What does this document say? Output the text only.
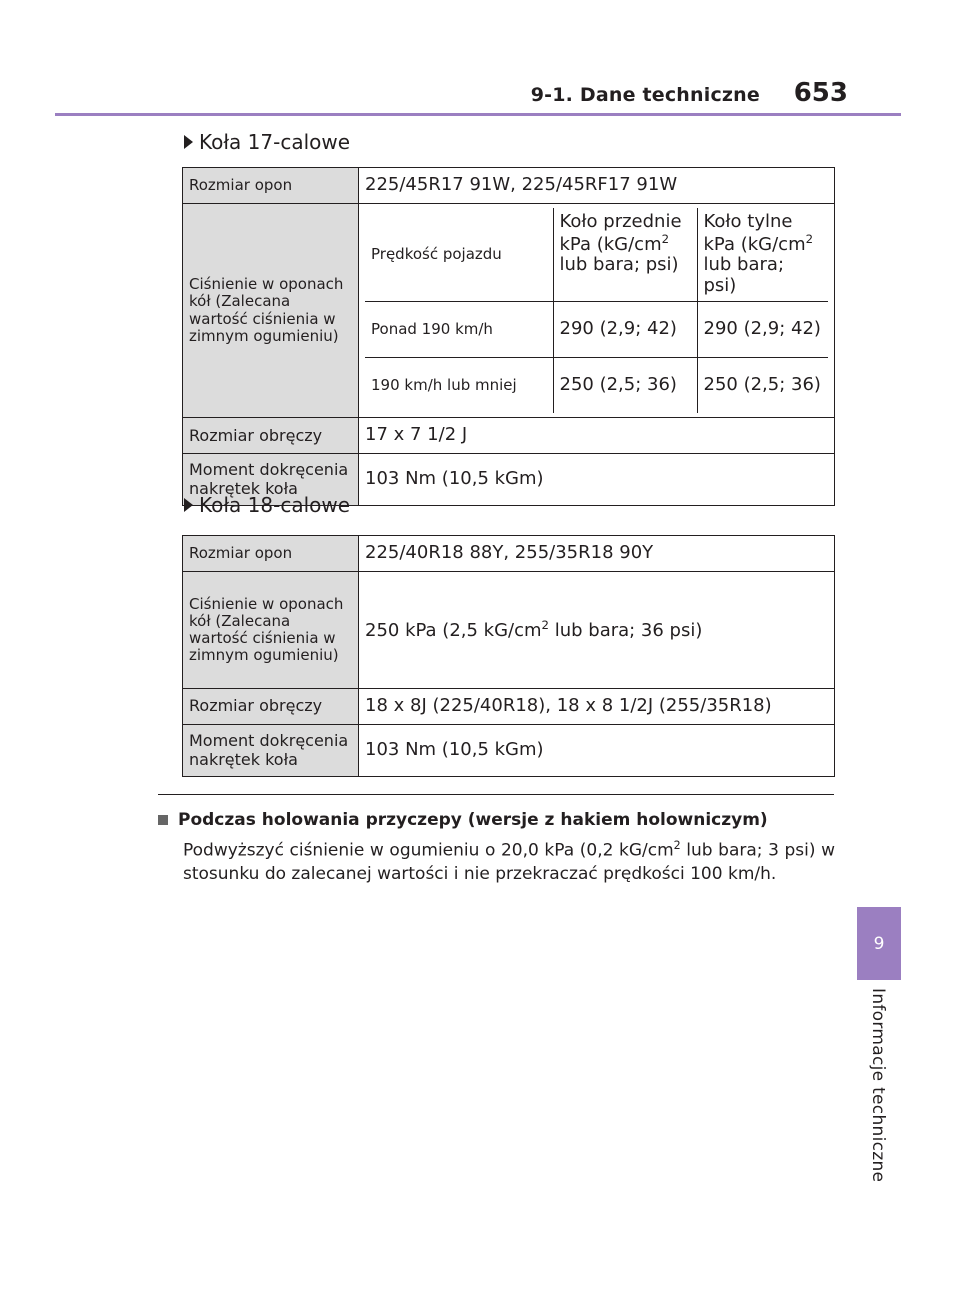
9-1. Dane techniczne 653
9
Informacje techniczne
Koła 17-calowe
Rozmiar opon	225/45R17 91W, 225/45RF17 91W
Ciśnienie w oponach kół (Zalecana wartość ciśnienia w zimnym ogumieniu)	
Prędkość pojazdu	Koło przednie kPa ($kG/cm^2$ lub bara; psi)	Koło tylne kPa ($kG/cm^2$ lub bara; psi)
Ponad 190 km/h	290 (2,9; 42)	290 (2,9; 42)
190 km/h lub mniej	250 (2,5; 36)	250 (2,5; 36)

Rozmiar obręczy	17 x 7 1/2 J
Moment dokręcenia nakrętek koła	103 Nm (10,5 kGm)
Koła 18-calowe
Rozmiar opon	225/40R18 88Y, 255/35R18 90Y
Ciśnienie w oponach kół (Zalecana wartość ciśnienia w zimnym ogumieniu)	250 kPa (2,5 $kG/cm^2$ lub bara; 36 psi)
Rozmiar obręczy	18 x 8J (225/40R18), 18 x 8 1/2J (255/35R18)
Moment dokręcenia nakrętek koła	103 Nm (10,5 kGm)
Podczas holowania przyczepy (wersje z hakiem holowniczym)
Podwyższyć ciśnienie w ogumieniu o 20,0 kPa (0,2 $kG/cm^2$ lub bara; 3 psi) w stosunku do zalecanej wartości i nie przekraczać prędkości 100 km/h.
